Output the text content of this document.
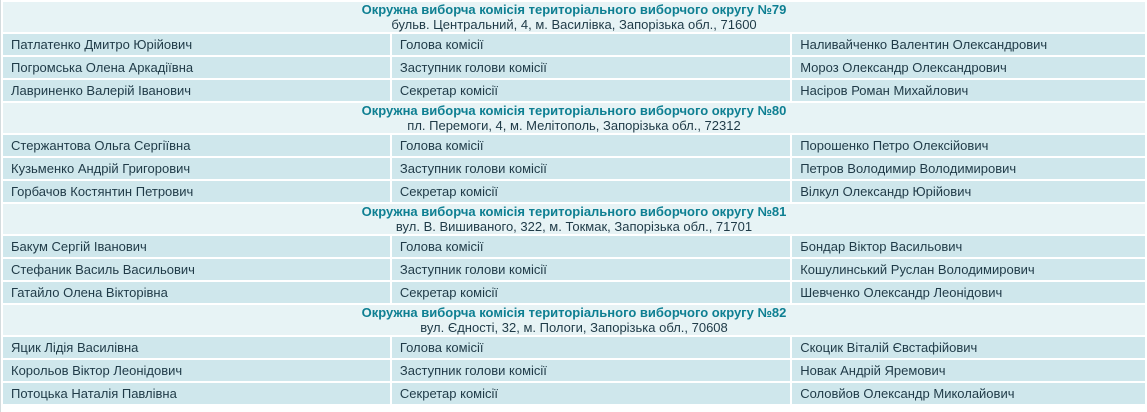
Окружна виборча комісія територіального виборчого округу №79
бульв. Центральний, 4, м. Василівка, Запорізька обл., 71600		

Патлатенко Дмитро Юрійович	Голова комісії	Наливайченко Валентин Олександрович
Погромська Олена Аркадіївна	Заступник голови комісії	Мороз Олександр Олександрович
Лавриненко Валерій Іванович	Секретар комісії	Насіров Роман Михайлович

Окружна виборча комісія територіального виборчого округу №80
пл. Перемоги, 4, м. Мелітополь, Запорізька обл., 72312		

Стержантова Ольга Сергіївна	Голова комісії	Порошенко Петро Олексійович
Кузьменко Андрій Григорович	Заступник голови комісії	Петров Володимир Володимирович
Горбачов Костянтин Петрович	Секретар комісії	Вілкул Олександр Юрійович

Окружна виборча комісія територіального виборчого округу №81
вул. В. Вишиваного, 322, м. Токмак, Запорізька обл., 71701		

Бакум Сергій Іванович	Голова комісії	Бондар Віктор Васильович
Стефаник Василь Васильович	Заступник голови комісії	Кошулинський Руслан Володимирович
Гатайло Олена Вікторівна	Секретар комісії	Шевченко Олександр Леонідович

Окружна виборча комісія територіального виборчого округу №82
вул. Єдності, 32, м. Пологи, Запорізька обл., 70608		

Яцик Лідія Василівна	Голова комісії	Скоцик Віталій Євстафійович
Корольов Віктор Леонідович	Заступник голови комісії	Новак Андрій Яремович
Потоцька Наталія Павлівна	Секретар комісії	Соловйов Олександр Миколайович
